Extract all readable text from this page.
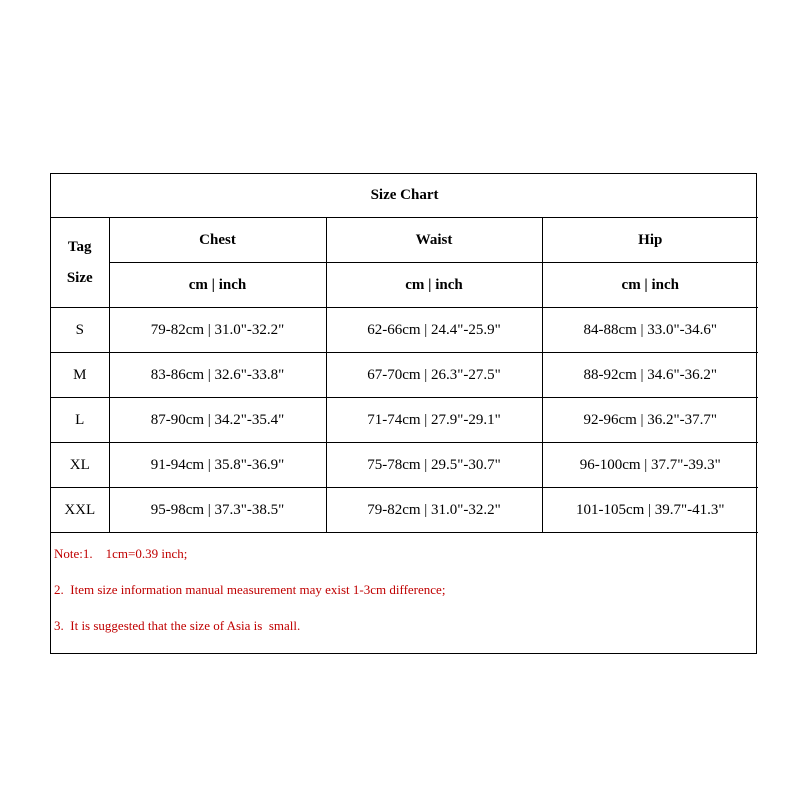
Size Chart			

Tag
Size	Chest	Waist	Hip
	cm | inch	cm | inch	cm | inch
S	79-82cm | 31.0"-32.2"	62-66cm | 24.4"-25.9"	84-88cm | 33.0"-34.6"
M	83-86cm | 32.6"-33.8"	67-70cm | 26.3"-27.5"	88-92cm | 34.6"-36.2"
L	87-90cm | 34.2"-35.4"	71-74cm | 27.9"-29.1"	92-96cm | 36.2"-37.7"
XL	91-94cm | 35.8"-36.9"	75-78cm | 29.5"-30.7"	96-100cm | 37.7"-39.3"
XXL	95-98cm | 37.3"-38.5"	79-82cm | 31.0"-32.2"	101-105cm | 39.7"-41.3"
Note:1.    1cm=0.39 inch;
2.  Item size information manual measurement may exist 1-3cm difference;
3.  It is suggested that the size of Asia is  small.
